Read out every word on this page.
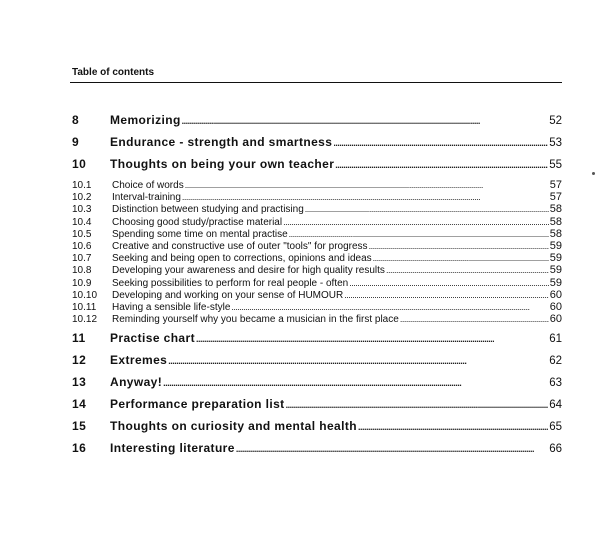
Table of contents
8	Memorizing . . .	52
9	Endurance - strength and smartness . . .	53
10	Thoughts on being your own teacher . . .	55
10.1	Choice of words . . .	57
10.2	Interval-training . . .	57
10.3	Distinction between studying and practising . . .	58
10.4	Choosing good study/practise material . . .	58
10.5	Spending some time on mental practise . . .	58
10.6	Creative and constructive use of outer "tools" for progress . . .	59
10.7	Seeking and being open to corrections, opinions and ideas . . .	59
10.8	Developing your awareness and desire for high quality results . . .	59
10.9	Seeking possibilities to perform for real people - often . . .	59
10.10	Developing and working on your sense of HUMOUR . . .	60
10.11	Having a sensible life-style . . .	60
10.12	Reminding yourself why you became a musician in the first place . . .	60
11	Practise chart . . .	61
12	Extremes . . .	62
13	Anyway! . . .	63
14	Performance preparation list . . .	64
15	Thoughts on curiosity and mental health . . .	65
16	Interesting literature . . .	66
